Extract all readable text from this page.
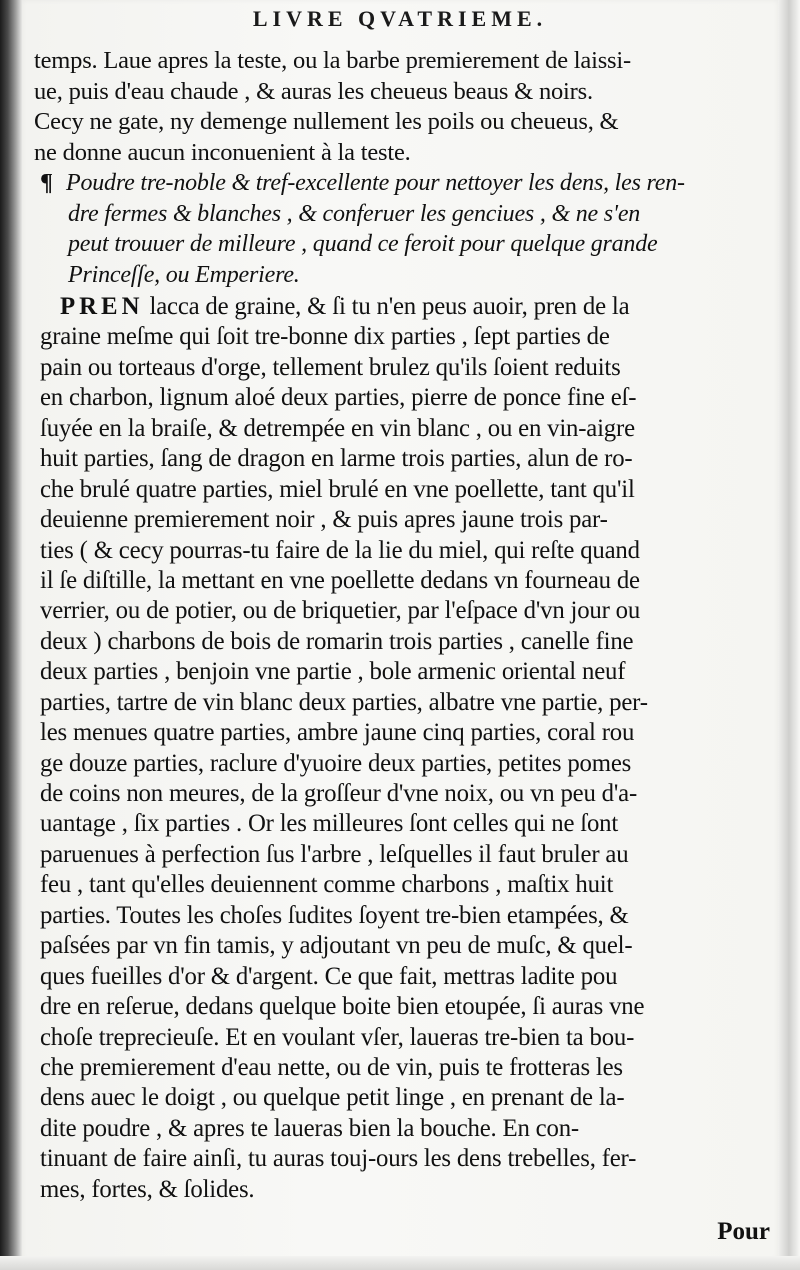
LIVRE QVATRIEME.
temps. Laue apres la teste, ou la barbe premierement de laissi-
ue, puis d'eau chaude , & auras les cheueus beaus & noirs.
Cecy ne gate, ny demenge nullement les poils ou cheueus, &
ne donne aucun inconuenient à la teste.
¶ Poudre tre-noble & tref-excellente pour nettoyer les dens, les ren-
dre fermes & blanches , & conferuer les genciues , & ne s'en
peut trouuer de milleure , quand ce feroit pour quelque grande
Princeſſe, ou Emperiere.
PREN lacca de graine, & ſi tu n'en peus auoir, pren de la
graine meſme qui ſoit tre-bonne dix parties , ſept parties de
pain ou torteaus d'orge, tellement brulez qu'ils ſoient reduits
en charbon, lignum aloé deux parties, pierre de ponce fine eſ-
ſuyée en la braiſe, & detrempée en vin blanc , ou en vin-aigre
huit parties, ſang de dragon en larme trois parties, alun de ro-
che brulé quatre parties, miel brulé en vne poellette, tant qu'il
deuienne premierement noir , & puis apres jaune trois par-
ties ( & cecy pourras-tu faire de la lie du miel, qui reſte quand
il ſe diſtille, la mettant en vne poellette dedans vn fourneau de
verrier, ou de potier, ou de briquetier, par l'eſpace d'vn jour ou
deux ) charbons de bois de romarin trois parties , canelle fine
deux parties , benjoin vne partie , bole armenic oriental neuf
parties, tartre de vin blanc deux parties, albatre vne partie, per-
les menues quatre parties, ambre jaune cinq parties, coral rou
ge douze parties, raclure d'yuoire deux parties, petites pomes
de coins non meures, de la groſſeur d'vne noix, ou vn peu d'a-
uantage , ſix parties . Or les milleures ſont celles qui ne ſont
paruenues à perfection ſus l'arbre , leſquelles il faut bruler au
feu , tant qu'elles deuiennent comme charbons , maſtix huit
parties. Toutes les choſes ſudites ſoyent tre-bien etampées, &
paſsées par vn fin tamis, y adjoutant vn peu de muſc, & quel-
ques fueilles d'or & d'argent. Ce que fait, mettras ladite pou
dre en reſerue, dedans quelque boite bien etoupée, ſi auras vne
choſe treprecieuſe. Et en voulant vſer, laueras tre-bien ta bou-
che premierement d'eau nette, ou de vin, puis te frotteras les
dens auec le doigt , ou quelque petit linge , en prenant de la-
dite poudre , & apres te laueras bien la bouche. En con-
tinuant de faire ainſi, tu auras touj-ours les dens trebelles, fer-
mes, fortes, & ſolides.
Pour
